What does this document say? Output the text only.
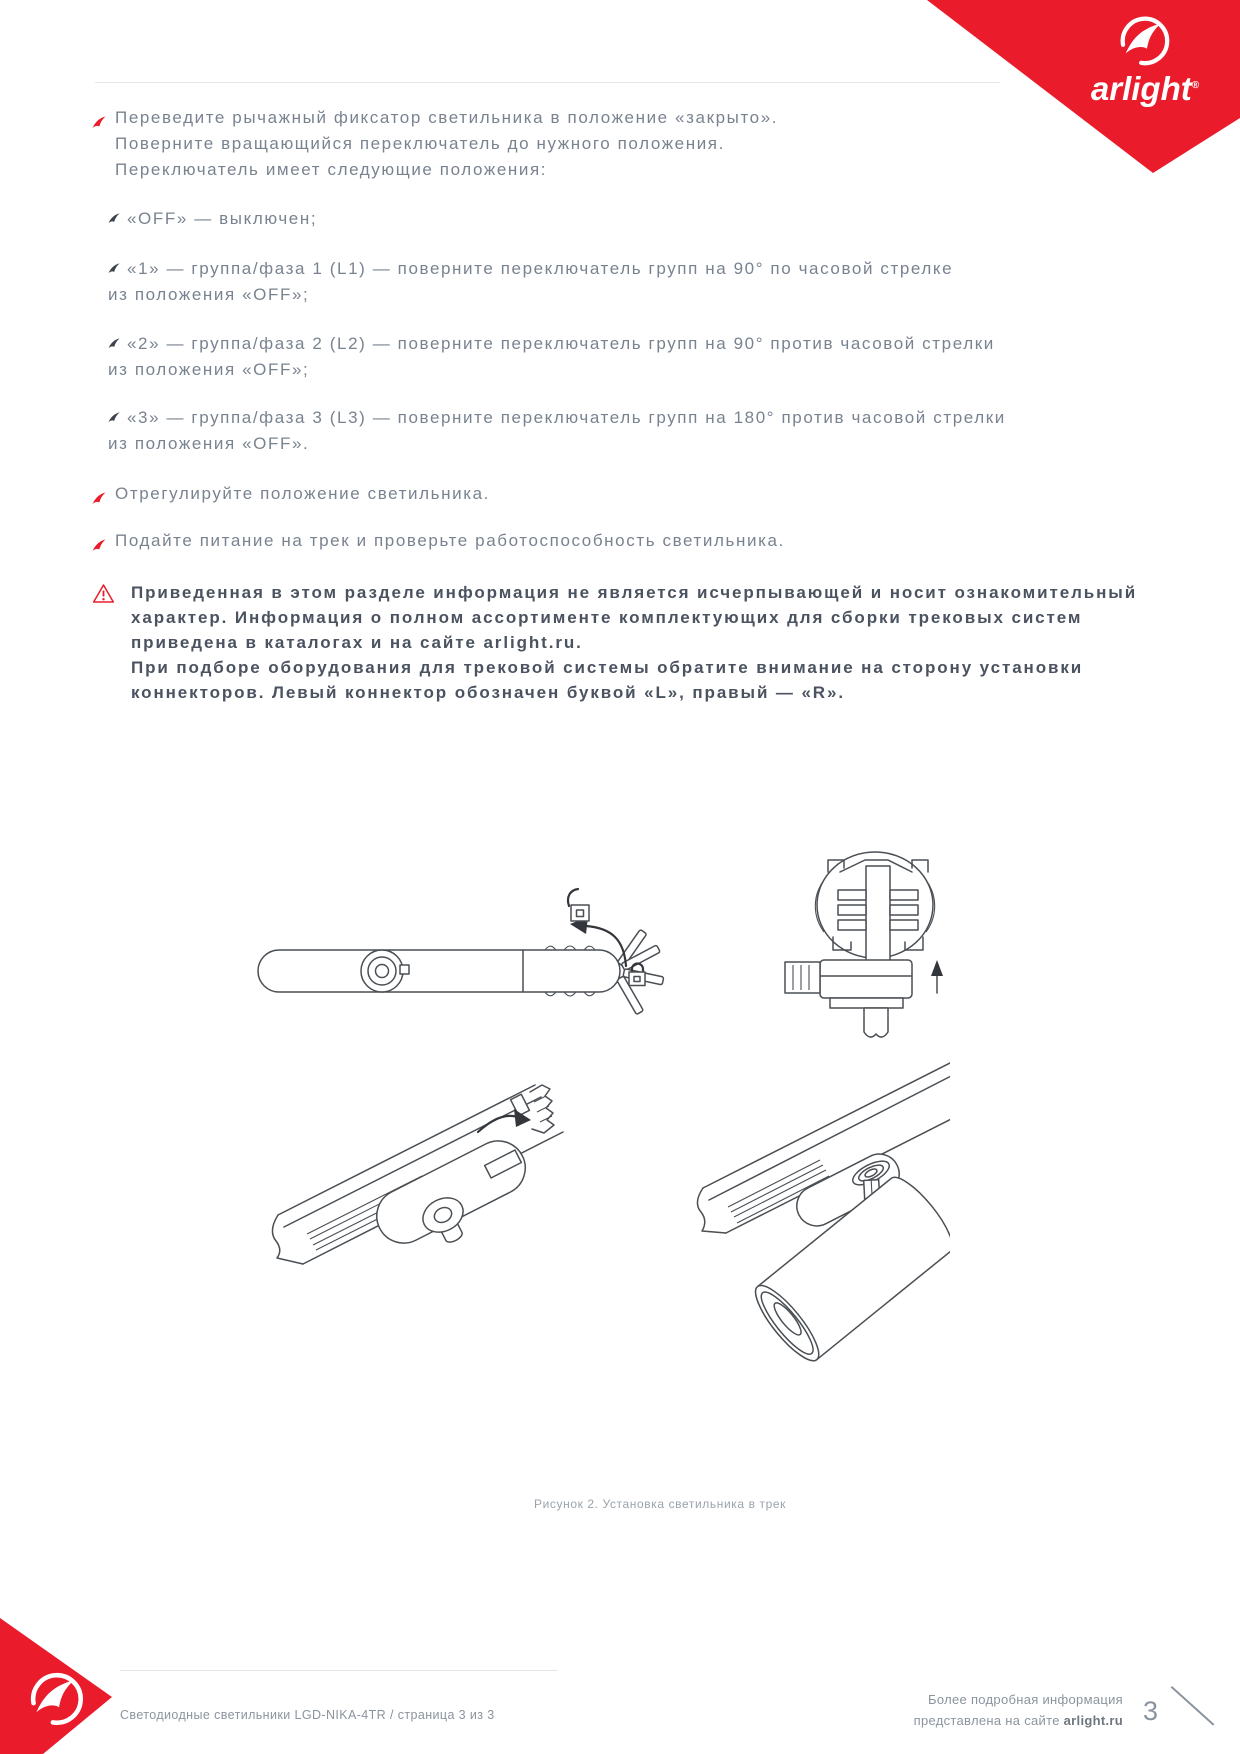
arlight®
Переведите рычажный фиксатор светильника в положение «закрыто».
Поверните вращающийся переключатель до нужного положения.
Переключатель имеет следующие положения:
«OFF» — выключен;
«1» — группа/фаза 1 (L1) — поверните переключатель групп на 90° по часовой стрелке
из положения «OFF»;
«2» — группа/фаза 2 (L2) — поверните переключатель групп на 90° против часовой стрелки
из положения «OFF»;
«3» — группа/фаза 3 (L3) — поверните переключатель групп на 180° против часовой стрелки
из положения «OFF».
Отрегулируйте положение светильника.
Подайте питание на трек и проверьте работоспособность светильника.
Приведенная в этом разделе информация не является исчерпывающей и носит ознакомительный
характер. Информация о полном ассортименте комплектующих для сборки трековых систем
приведена в каталогах и на сайте arlight.ru.
При подборе оборудования для трековой системы обратите внимание на сторону установки
коннекторов. Левый коннектор обозначен буквой «L», правый — «R».
Рисунок 2. Установка светильника в трек
Светодиодные светильники LGD-NIKA-4TR / страница 3 из 3
Более подробная информация
представлена на сайте arlight.ru 3
